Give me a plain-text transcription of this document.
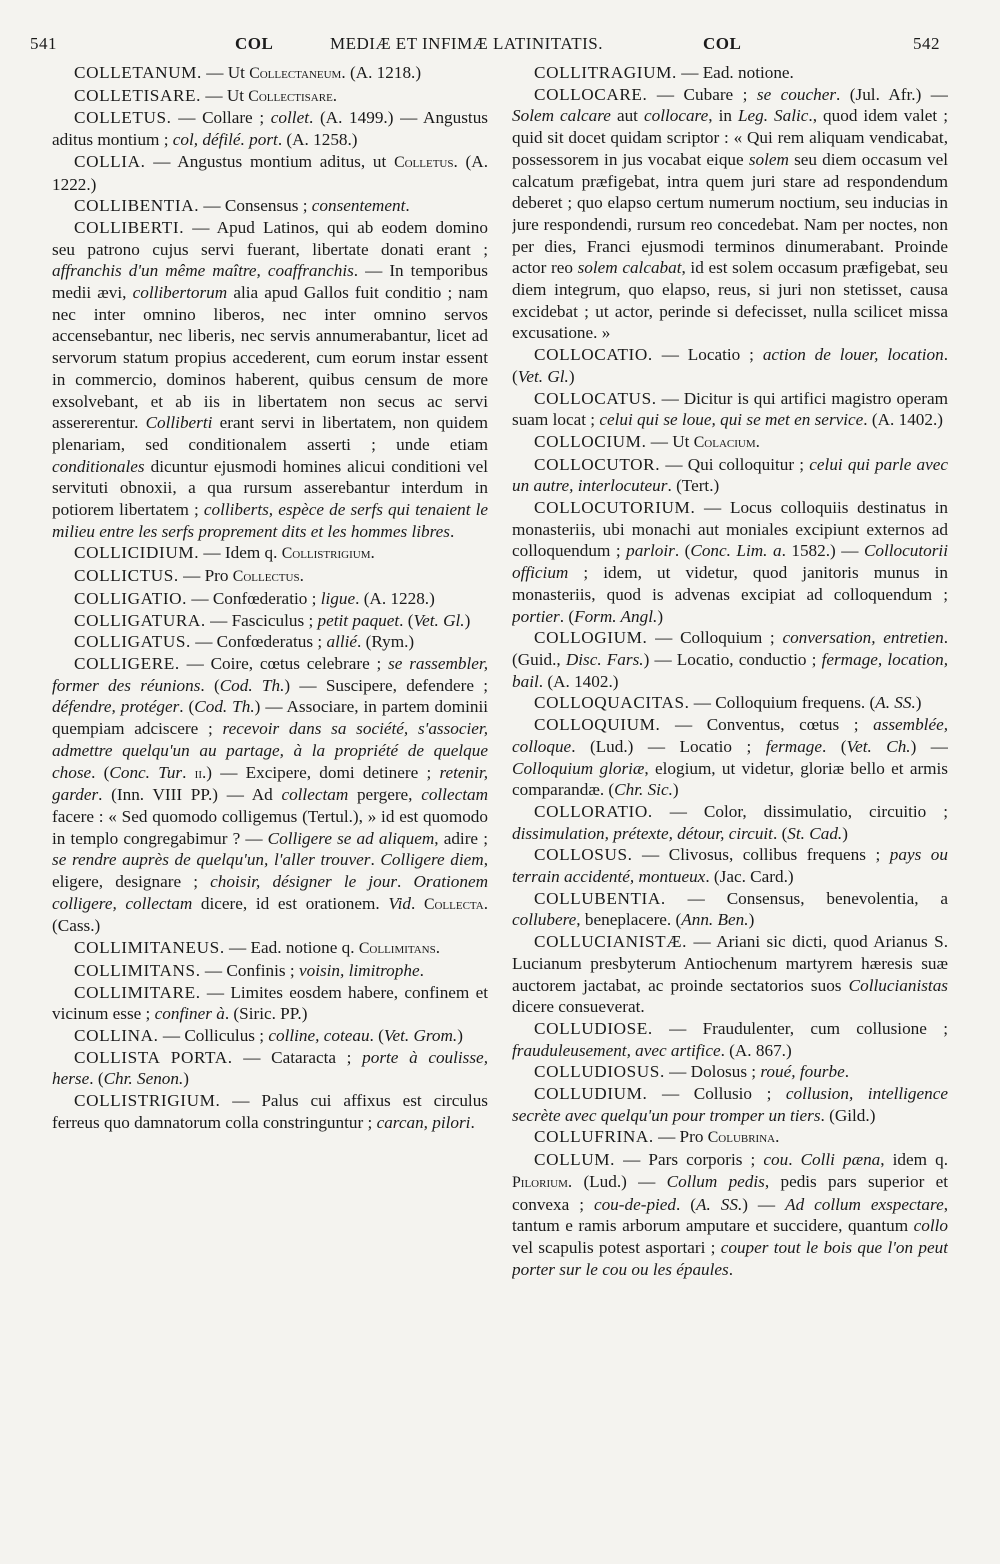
541	COL	MEDIÆ ET INFIMÆ LATINITATIS.	COL	542

COLLETANUM. — Ut Collectaneum. (A. 1218.)

COLLETISARE. — Ut Collectisare.

COLLETUS. — Collare ; collet. (A. 1499.) — Angustus aditus montium ; col, défilé. port. (A. 1258.)

COLLIA. — Angustus montium aditus, ut Colletus. (A. 1222.)

COLLIBENTIA. — Consensus ; consentement.

COLLIBERTI. — Apud Latinos, qui ab eodem domino seu patrono cujus servi fuerant, libertate donati erant ; affranchis d'un même maître, coaffranchis. — In temporibus medii ævi, collibertorum alia apud Gallos fuit conditio ; nam nec inter omnino liberos, nec inter omnino servos accensebantur, nec liberis, nec servis annumerabantur, licet ad servorum statum propius accederent, cum eorum instar essent in commercio, dominos haberent, quibus censum de more exsolvebant, et ab iis in libertatem non secus ac servi assererentur. Colliberti erant servi in libertatem, non quidem plenariam, sed conditionalem asserti ; unde etiam conditionales dicuntur ejusmodi homines alicui conditioni vel servituti obnoxii, a qua rursum asserebantur interdum in potiorem libertatem ; colliberts, espèce de serfs qui tenaient le milieu entre les serfs proprement dits et les hommes libres.

COLLICIDIUM. — Idem q. Collistrigium.

COLLICTUS. — Pro Collectus.

COLLIGATIO. — Confœderatio ; ligue. (A. 1228.)

COLLIGATURA. — Fasciculus ; petit paquet. (Vet. Gl.)

COLLIGATUS. — Confœderatus ; allié. (Rym.)

COLLIGERE. — Coire, cœtus celebrare ; se rassembler, former des réunions. (Cod. Th.) — Suscipere, defendere ; défendre, protéger. (Cod. Th.) — Associare, in partem dominii quempiam adciscere ; recevoir dans sa société, s'associer, admettre quelqu'un au partage, à la propriété de quelque chose. (Conc. Tur. ii.) — Excipere, domi detinere ; retenir, garder. (Inn. VIII PP.) — Ad collectam pergere, collectam facere : « Sed quomodo colligemus (Tertul.), » id est quomodo in templo congregabimur ? — Colligere se ad aliquem, adire ; se rendre auprès de quelqu'un, l'aller trouver. Colligere diem, eligere, designare ; choisir, désigner le jour. Orationem colligere, collectam dicere, id est orationem. Vid. Collecta. (Cass.)

COLLIMITANEUS. — Ead. notione q. Collimitans.

COLLIMITANS. — Confinis ; voisin, limitrophe.

COLLIMITARE. — Limites eosdem habere, confinem et vicinum esse ; confiner à. (Siric. PP.)

COLLINA. — Colliculus ; colline, coteau. (Vet. Grom.)

COLLISTA PORTA. — Cataracta ; porte à coulisse, herse. (Chr. Senon.)

COLLISTRIGIUM. — Palus cui affixus est circulus ferreus quo damnatorum colla constringuntur ; carcan, pilori.

COLLITRAGIUM. — Ead. notione.

COLLOCARE. — Cubare ; se coucher. (Jul. Afr.) — Solem calcare aut collocare, in Leg. Salic., quod idem valet ; quid sit docet quidam scriptor : « Qui rem aliquam vendicabat, possessorem in jus vocabat eique solem seu diem occasum vel calcatum præfigebat, intra quem juri stare ad respondendum deberet ; quo elapso certum numerum noctium, seu inducias in jure respondendi, rursum reo concedebat. Nam per noctes, non per dies, Franci ejusmodi terminos dinumerabant. Proinde actor reo solem calcabat, id est solem occasum præfigebat, seu diem integrum, quo elapso, reus, si juri non stetisset, causa excidebat ; ut actor, perinde si defecisset, nulla scilicet missa excusatione. »

COLLOCATIO. — Locatio ; action de louer, location. (Vet. Gl.)

COLLOCATUS. — Dicitur is qui artifici magistro operam suam locat ; celui qui se loue, qui se met en service. (A. 1402.)

COLLOCIUM. — Ut Colacium.

COLLOCUTOR. — Qui colloquitur ; celui qui parle avec un autre, interlocuteur. (Tert.)

COLLOCUTORIUM. — Locus colloquiis destinatus in monasteriis, ubi monachi aut moniales excipiunt externos ad colloquendum ; parloir. (Conc. Lim. a. 1582.) — Collocutorii officium ; idem, ut videtur, quod janitoris munus in monasteriis, quod is advenas excipiat ad colloquendum ; portier. (Form. Angl.)

COLLOGIUM. — Colloquium ; conversation, entretien. (Guid., Disc. Fars.) — Locatio, conductio ; fermage, location, bail. (A. 1402.)

COLLOQUACITAS. — Colloquium frequens. (A. SS.)

COLLOQUIUM. — Conventus, cœtus ; assemblée, colloque. (Lud.) — Locatio ; fermage. (Vet. Ch.) — Colloquium gloriæ, elogium, ut videtur, gloriæ bello et armis comparandæ. (Chr. Sic.)

COLLORATIO. — Color, dissimulatio, circuitio ; dissimulation, prétexte, détour, circuit. (St. Cad.)

COLLOSUS. — Clivosus, collibus frequens ; pays ou terrain accidenté, montueux. (Jac. Card.)

COLLUBENTIA. — Consensus, benevolentia, a collubere, beneplacere. (Ann. Ben.)

COLLUCIANISTÆ. — Ariani sic dicti, quod Arianus S. Lucianum presbyterum Antiochenum martyrem hæresis suæ auctorem jactabat, ac proinde sectatorios suos Collucianistas dicere consueverat.

COLLUDIOSE. — Fraudulenter, cum collusione ; frauduleusement, avec artifice. (A. 867.)

COLLUDIOSUS. — Dolosus ; roué, fourbe.

COLLUDIUM. — Collusio ; collusion, intelligence secrète avec quelqu'un pour tromper un tiers. (Gild.)

COLLUFRINA. — Pro Colubrina.

COLLUM. — Pars corporis ; cou. Colli pæna, idem q. Pilorium. (Lud.) — Collum pedis, pedis pars superior et convexa ; cou-de-pied. (A. SS.) — Ad collum exspectare, tantum e ramis arborum amputare et succidere, quantum collo vel scapulis potest asportari ; couper tout le bois que l'on peut porter sur le cou ou les épaules.
